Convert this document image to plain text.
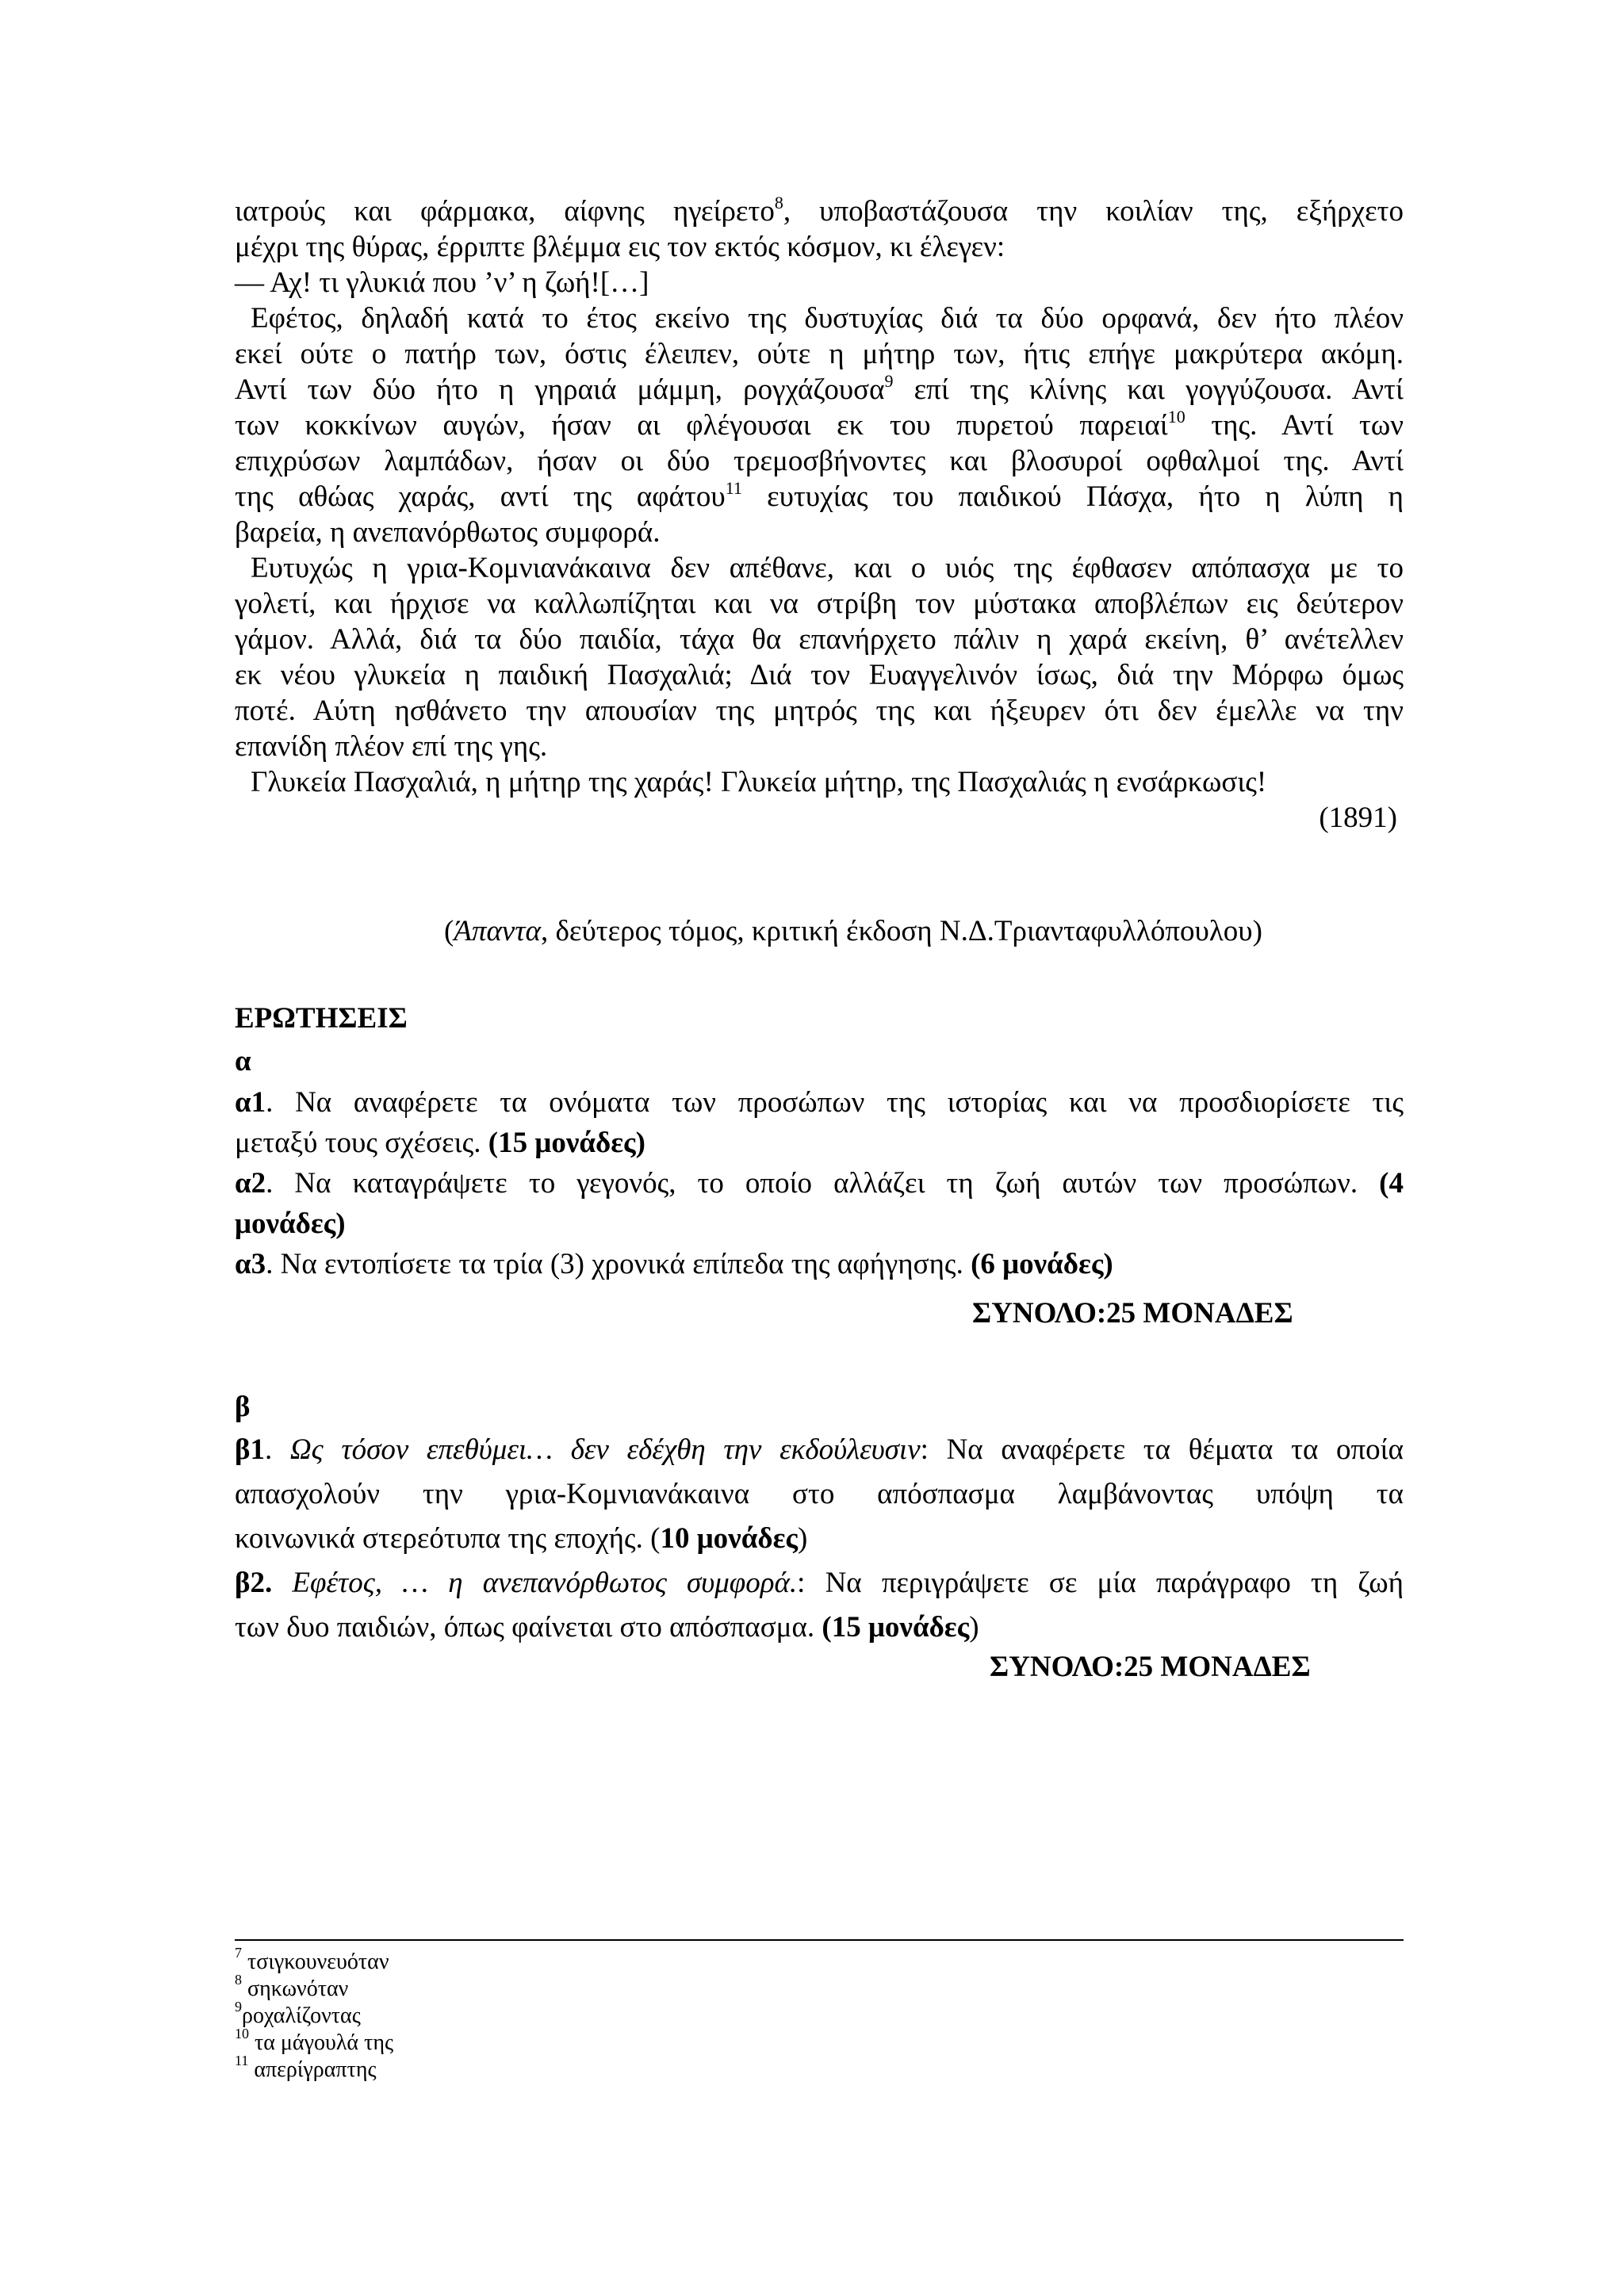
ιατρούς και φάρμακα, αίφνης ηγείρετο$^8$, υποβαστάζουσα την κοιλίαν της, εξήρχετο
μέχρι της θύρας, έρριπτε βλέμμα εις τον εκτός κόσμον, κι έλεγεν:
— Αχ! τι γλυκιά που ’ν’ η ζωή![…]
Εφέτος, δηλαδή κατά το έτος εκείνο της δυστυχίας διά τα δύο ορφανά, δεν ήτο πλέον
εκεί ούτε ο πατήρ των, όστις έλειπεν, ούτε η μήτηρ των, ήτις επήγε μακρύτερα ακόμη.
Αντί των δύο ήτο η γηραιά μάμμη, ρογχάζουσα$^9$ επί της κλίνης και γογγύζουσα. Αντί
των κοκκίνων αυγών, ήσαν αι φλέγουσαι εκ του πυρετού παρειαί$^{10}$ της. Αντί των
επιχρύσων λαμπάδων, ήσαν οι δύο τρεμοσβήνοντες και βλοσυροί οφθαλμοί της. Αντί
της αθώας χαράς, αντί της αφάτου$^{11}$ ευτυχίας του παιδικού Πάσχα, ήτο η λύπη η
βαρεία, η ανεπανόρθωτος συμφορά.
Ευτυχώς η γρια-Κομνιανάκαινα δεν απέθανε, και ο υιός της έφθασεν απόπασχα με το
γολετί, και ήρχισε να καλλωπίζηται και να στρίβη τον μύστακα αποβλέπων εις δεύτερον
γάμον. Αλλά, διά τα δύο παιδία, τάχα θα επανήρχετο πάλιν η χαρά εκείνη, θ’ ανέτελλεν
εκ νέου γλυκεία η παιδική Πασχαλιά; Διά τον Ευαγγελινόν ίσως, διά την Μόρφω όμως
ποτέ. Αύτη ησθάνετο την απουσίαν της μητρός της και ήξευρεν ότι δεν έμελλε να την
επανίδη πλέον επί της γης.
Γλυκεία Πασχαλιά, η μήτηρ της χαράς! Γλυκεία μήτηρ, της Πασχαλιάς η ενσάρκωσις!
(1891)
(Άπαντα, δεύτερος τόμος, κριτική έκδοση Ν.Δ.Τριανταφυλλόπουλου)
ΕΡΩΤΗΣΕΙΣ
α
α1. Να αναφέρετε τα ονόματα των προσώπων της ιστορίας και να προσδιορίσετε τις
μεταξύ τους σχέσεις. (15 μονάδες)
α2. Να καταγράψετε το γεγονός, το οποίο αλλάζει τη ζωή αυτών των προσώπων. (4
μονάδες)
α3. Να εντοπίσετε τα τρία (3) χρονικά επίπεδα της αφήγησης. (6 μονάδες)
ΣΥΝΟΛΟ:25 ΜΟΝΑΔΕΣ
β
β1. Ως τόσον επεθύμει… δεν εδέχθη την εκδούλευσιν: Να αναφέρετε τα θέματα τα οποία
απασχολούν την γρια-Κομνιανάκαινα στο απόσπασμα λαμβάνοντας υπόψη τα
κοινωνικά στερεότυπα της εποχής. (10 μονάδες)
β2. Εφέτος, … η ανεπανόρθωτος συμφορά.: Να περιγράψετε σε μία παράγραφο τη ζωή
των δυο παιδιών, όπως φαίνεται στο απόσπασμα. (15 μονάδες)
ΣΥΝΟΛΟ:25 ΜΟΝΑΔΕΣ
$^7$ τσιγκουνευόταν
$^8$ σηκωνόταν
$^9$ροχαλίζοντας
$^{10}$ τα μάγουλά της
$^{11}$ απερίγραπτης
